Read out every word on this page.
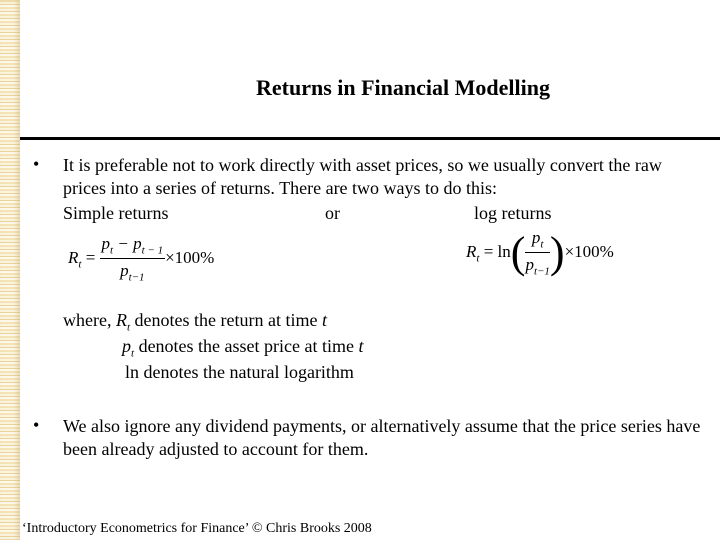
Returns in Financial Modelling
• It is preferable not to work directly with asset prices, so we usually convert the raw prices into a series of returns. There are two ways to do this:
Simple returns	or	log returns
$R_t = \frac{p_t - p_{t - 1}}{p_{t-1}} \times 100\%$	$R_t = \ln( \frac{p_t}{p_{t-1}} )\times 100\%$
where, $R_t$ denotes the return at time t
$p_t$ denotes the asset price at time t
ln denotes the natural logarithm
• We also ignore any dividend payments, or alternatively assume that the price series have been already adjusted to account for them.
‘Introductory Econometrics for Finance’ © Chris Brooks 2008
